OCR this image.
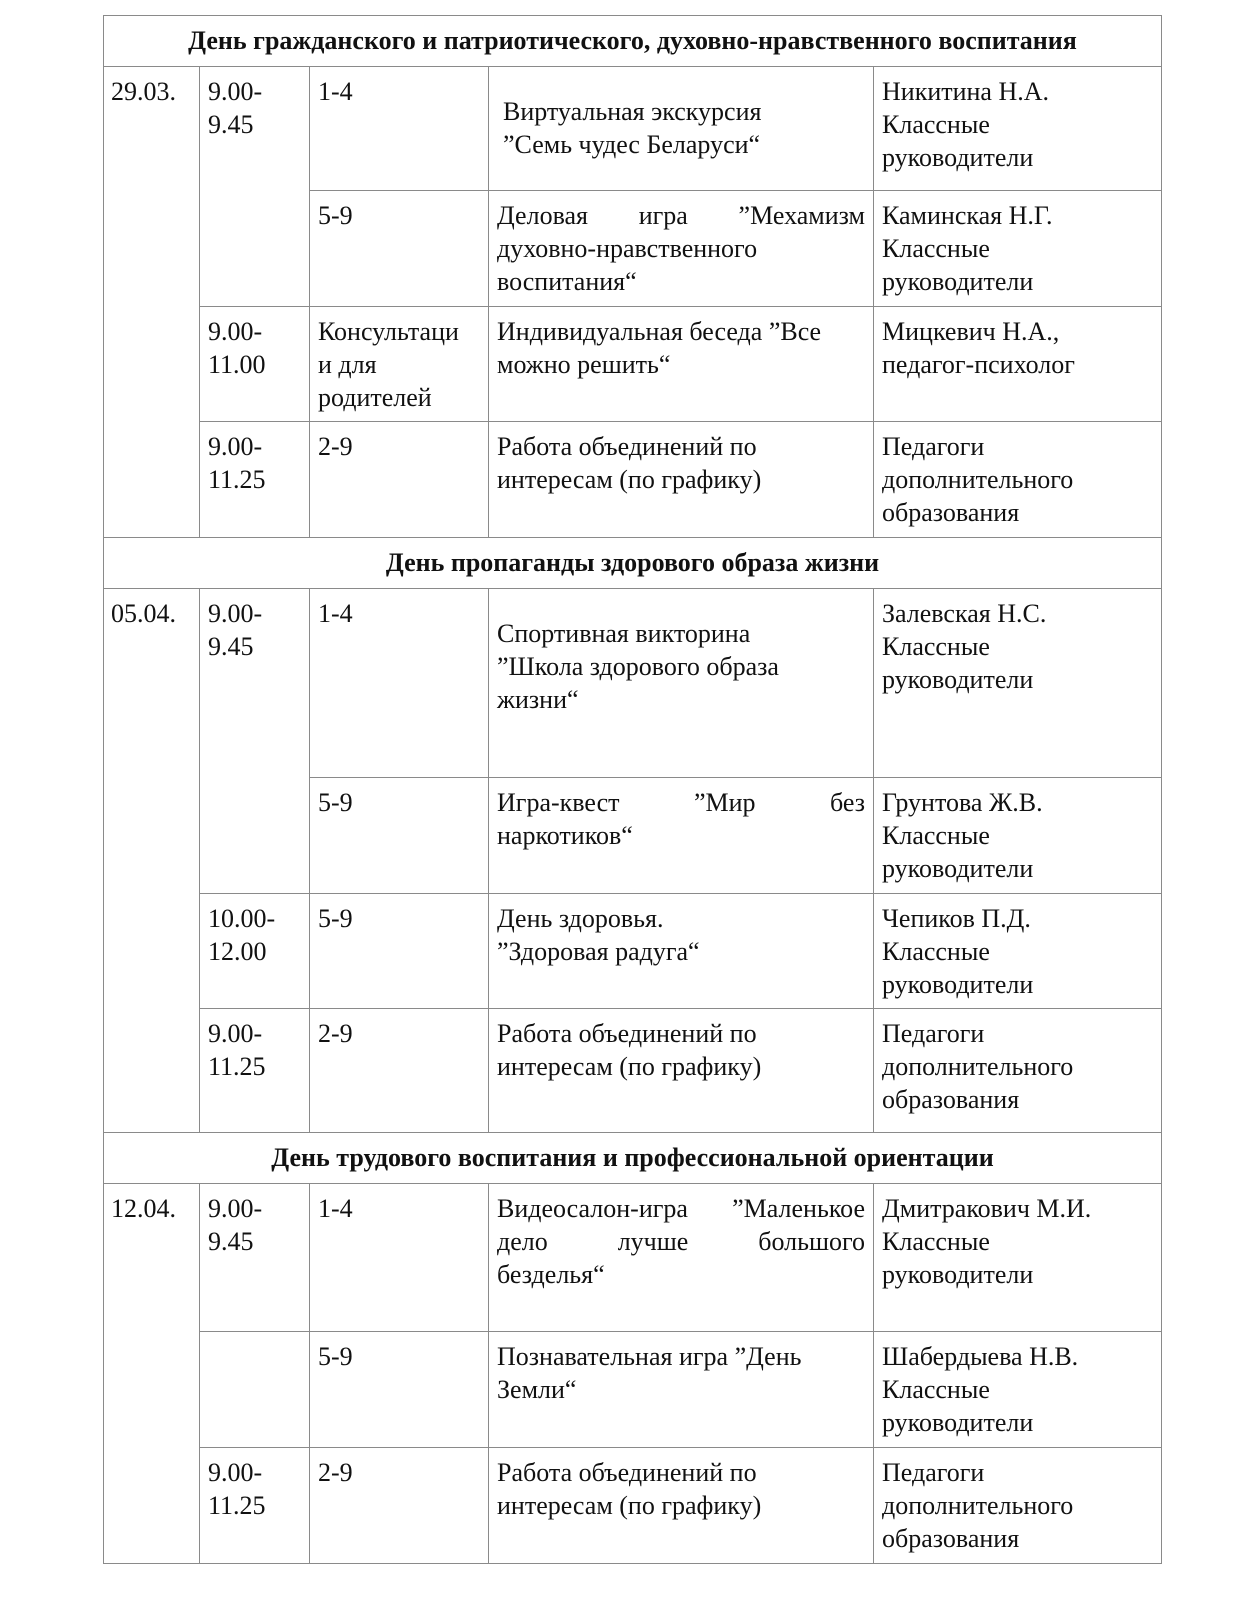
День гражданского и патриотического, духовно-нравственного воспитания				
29.03.	9.00-
9.45	1-4	Виртуальная экскурсия
”Семь чудес Беларуси“	Никитина Н.А.
Классные
руководители

		5-9	Деловая игра ”Мехамизм
духовно-нравственного
воспитания“	Каминская Н.Г.
Классные
руководители

	9.00-
11.00	Консультаци
и для
родителей	Индивидуальная беседа ”Все
можно решить“	Мицкевич Н.А.,
педагог-психолог

	9.00-
11.25	2-9	Работа объединений по
интересам (по графику)	Педагоги
дополнительного
образования

День пропаганды здорового образа жизни				
05.04.	9.00-
9.45	1-4	Спортивная викторина
”Школа здорового образа
жизни“	Залевская Н.С.
Классные
руководители

		5-9	Игра-квест ”Мир без
наркотиков“	Грунтова Ж.В.
Классные
руководители

	10.00-
12.00	5-9	День здоровья.
”Здоровая радуга“	Чепиков П.Д.
Классные
руководители

	9.00-
11.25	2-9	Работа объединений по
интересам (по графику)	Педагоги
дополнительного
образования

День трудового воспитания и профессиональной ориентации				
12.04.	9.00-
9.45	1-4	Видеосалон-игра ”Маленькое
дело лучше большого
безделья“	Дмитракович М.И.
Классные
руководители

		5-9	Познавательная игра ”День
Земли“	Шабердыева Н.В.
Классные
руководители

	9.00-
11.25	2-9	Работа объединений по
интересам (по графику)	Педагоги
дополнительного
образования
